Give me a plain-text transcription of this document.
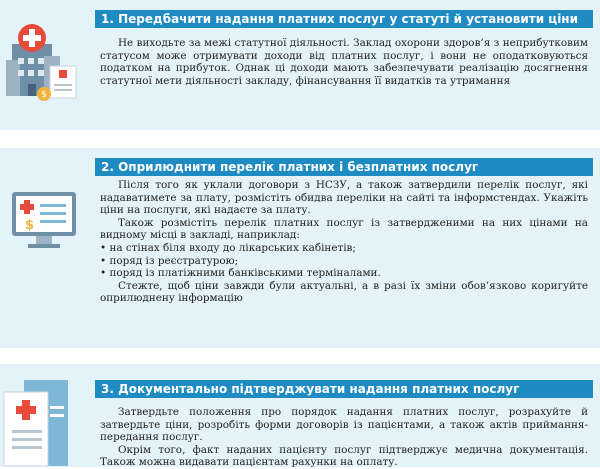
$
1. Передбачити надання платних послуг у статуті й установити ціни

Не виходьте за межі статутної діяльності. Заклад охорони здоров’я з неприбутковим статусом може отримувати доходи від платних послуг, і вони не оподатковуються податком на прибуток. Однак ці доходи мають забезпечувати реалізацію досягнення статутної мети діяльності закладу, фінансування її видатків та утримання

$
2. Оприлюднити перелік платних і безплатних послуг

Після того як уклали договори з НСЗУ, а також затвердили перелік послуг, які надаватимете за плату, розмістіть обидва переліки на сайті та інформстендах. Укажіть ціни на послуги, які надаєте за плату.

Також розмістіть перелік платних послуг із затвердженими на них цінами на видному місці в закладі, наприклад:

• на стінах біля входу до лікарських кабінетів;
• поряд із реєстратурою;
• поряд із платіжними банківськими терміналами.

Стежте, щоб ціни завжди були актуальні, а в разі їх зміни обов’язково коригуйте оприлюднену інформацію

3. Документально підтверджувати надання платних послуг

Затвердьте положення про порядок надання платних послуг, розрахуйте й затвердьте ціни, розробіть форми договорів із пацієнтами, а також актів приймання-передання послуг.

Окрім того, факт наданих пацієнту послуг підтверджує медична документація. Також можна видавати пацієнтам рахунки на оплату.
